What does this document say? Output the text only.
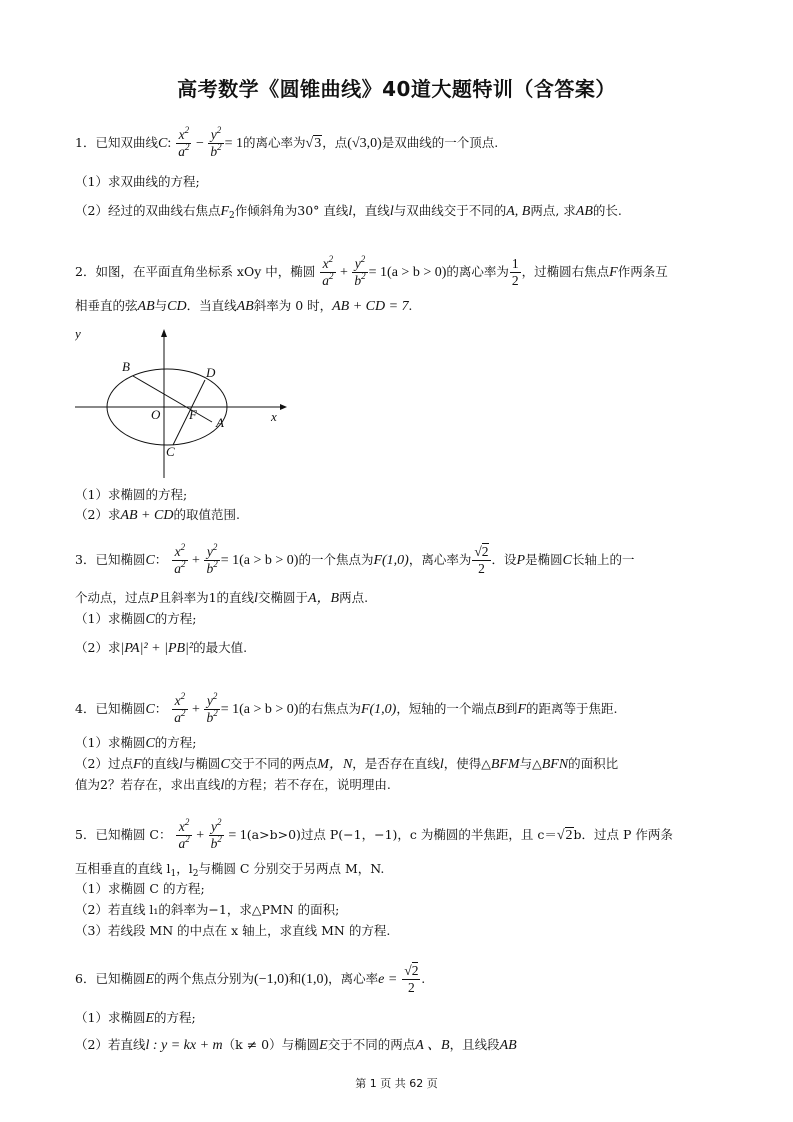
高考数学《圆锥曲线》40道大题特训（含答案）
1．已知双曲线C: $\frac{x^2}{a^2} - \frac{y^2}{b^2} = 1$的离心率为√3，点(√3,0)是双曲线的一个顶点.
（1）求双曲线的方程;
（2）经过的双曲线右焦点$F_2$作倾斜角为30° 直线l，直线l与双曲线交于不同的A, B两点, 求AB的长.
2．如图，在平面直角坐标系 xOy 中，椭圆 $\frac{x^2}{a^2} + \frac{y^2}{b^2} = 1(a > b > 0)$的离心率为 $\frac{1}{2}$ ，过椭圆右焦点F作两条互
相垂直的弦AB与CD．当直线AB斜率为 0 时，AB + CD = 7.
y
x
O F
A
B
C
D
（1）求椭圆的方程;
（2）求AB + CD的取值范围.
3．已知椭圆C： $\frac{x^2}{a^2} + \frac{y^2}{b^2} = 1(a > b > 0)$的一个焦点为F(1,0)，离心率为 $\frac{√2}{2}$ ．设P是椭圆C长轴上的一
个动点，过点P且斜率为1的直线l交椭圆于A，B两点.
（1）求椭圆C的方程;
（2）求|PA|² + |PB|²的最大值.
4．已知椭圆C： $\frac{x^2}{a^2} + \frac{y^2}{b^2} = 1(a > b > 0)$的右焦点为F(1,0)，短轴的一个端点B到F的距离等于焦距.
（1）求椭圆C的方程;
（2）过点F的直线l与椭圆C交于不同的两点M，N，是否存在直线l，使得△BFM与△BFN的面积比
值为2？若存在，求出直线l的方程；若不存在，说明理由.
5．已知椭圆 C： $\frac{x^2}{a^2} + \frac{y^2}{b^2} = 1(a>b>0)$过点 P(−1，−1)，c 为椭圆的半焦距，且 c＝√2b．过点 P 作两条
互相垂直的直线 $l_1$，$l_2$与椭圆 C 分别交于另两点 M，N.
（1）求椭圆 C 的方程;
（2）若直线 l₁的斜率为−1，求△PMN 的面积;
（3）若线段 MN 的中点在 x 轴上，求直线 MN 的方程.
6．已知椭圆E的两个焦点分别为(−1,0)和(1,0)，离心率$e = \frac{√2}{2}$ .
（1）求椭圆E的方程;
（2）若直线l : y = kx + m（k ≠ 0）与椭圆E交于不同的两点A 、B，且线段AB
第 1 页 共 62 页
